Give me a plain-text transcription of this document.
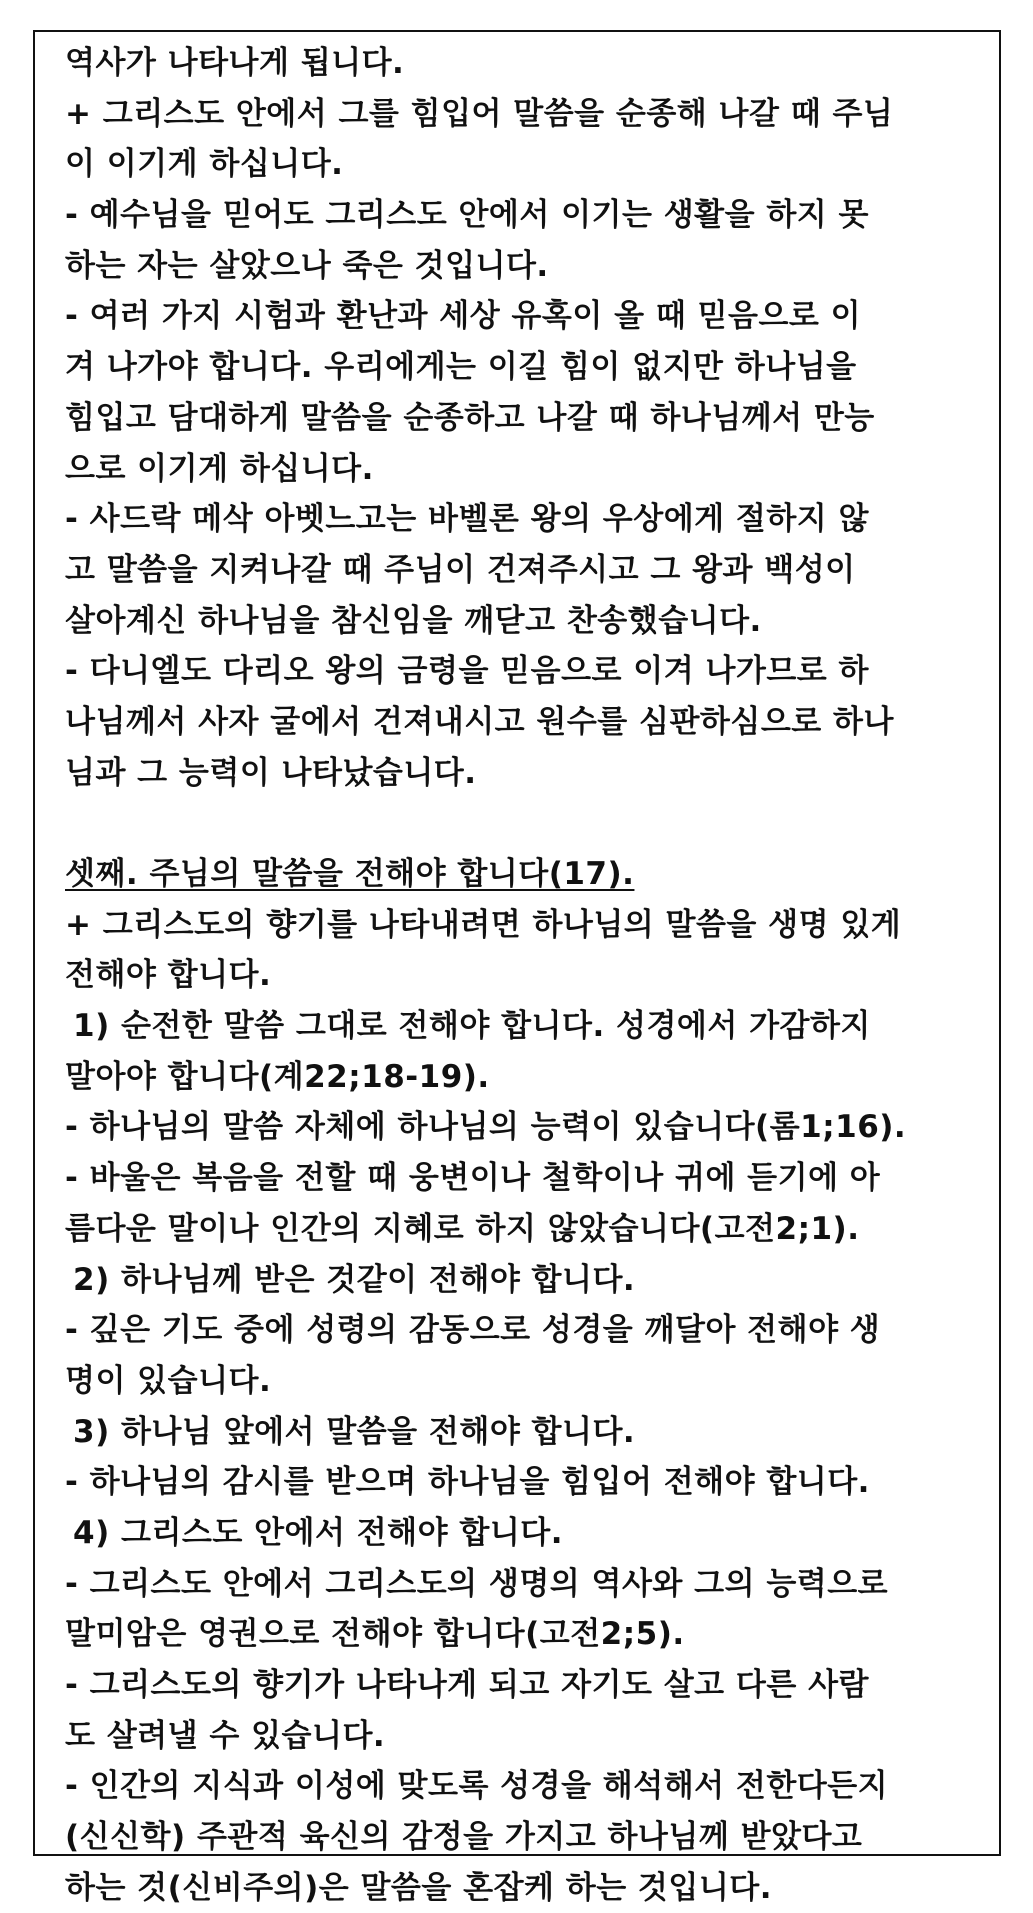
역사가 나타나게 됩니다.
+ 그리스도 안에서 그를 힘입어 말씀을 순종해 나갈 때 주님
이 이기게 하십니다.
- 예수님을 믿어도 그리스도 안에서 이기는 생활을 하지 못
하는 자는 살았으나 죽은 것입니다.
- 여러 가지 시험과 환난과 세상 유혹이 올 때 믿음으로 이
겨 나가야 합니다. 우리에게는 이길 힘이 없지만 하나님을
힘입고 담대하게 말씀을 순종하고 나갈 때 하나님께서 만능
으로 이기게 하십니다.
- 사드락 메삭 아벳느고는 바벨론 왕의 우상에게 절하지 않
고 말씀을 지켜나갈 때 주님이 건져주시고 그 왕과 백성이
살아계신 하나님을 참신임을 깨닫고 찬송했습니다.
- 다니엘도 다리오 왕의 금령을 믿음으로 이겨 나가므로 하
나님께서 사자 굴에서 건져내시고 원수를 심판하심으로 하나
님과 그 능력이 나타났습니다.
셋째. 주님의 말씀을 전해야 합니다(17).
+ 그리스도의 향기를 나타내려면 하나님의 말씀을 생명 있게
전해야 합니다.
1) 순전한 말씀 그대로 전해야 합니다. 성경에서 가감하지
말아야 합니다(계22;18-19).
- 하나님의 말씀 자체에 하나님의 능력이 있습니다(롬1;16).
- 바울은 복음을 전할 때 웅변이나 철학이나 귀에 듣기에 아
름다운 말이나 인간의 지혜로 하지 않았습니다(고전2;1).
2) 하나님께 받은 것같이 전해야 합니다.
- 깊은 기도 중에 성령의 감동으로 성경을 깨달아 전해야 생
명이 있습니다.
3) 하나님 앞에서 말씀을 전해야 합니다.
- 하나님의 감시를 받으며 하나님을 힘입어 전해야 합니다.
4) 그리스도 안에서 전해야 합니다.
- 그리스도 안에서 그리스도의 생명의 역사와 그의 능력으로
말미암은 영권으로 전해야 합니다(고전2;5).
- 그리스도의 향기가 나타나게 되고 자기도 살고 다른 사람
도 살려낼 수 있습니다.
- 인간의 지식과 이성에 맞도록 성경을 해석해서 전한다든지
(신신학) 주관적 육신의 감정을 가지고 하나님께 받았다고
하는 것(신비주의)은 말씀을 혼잡케 하는 것입니다.
